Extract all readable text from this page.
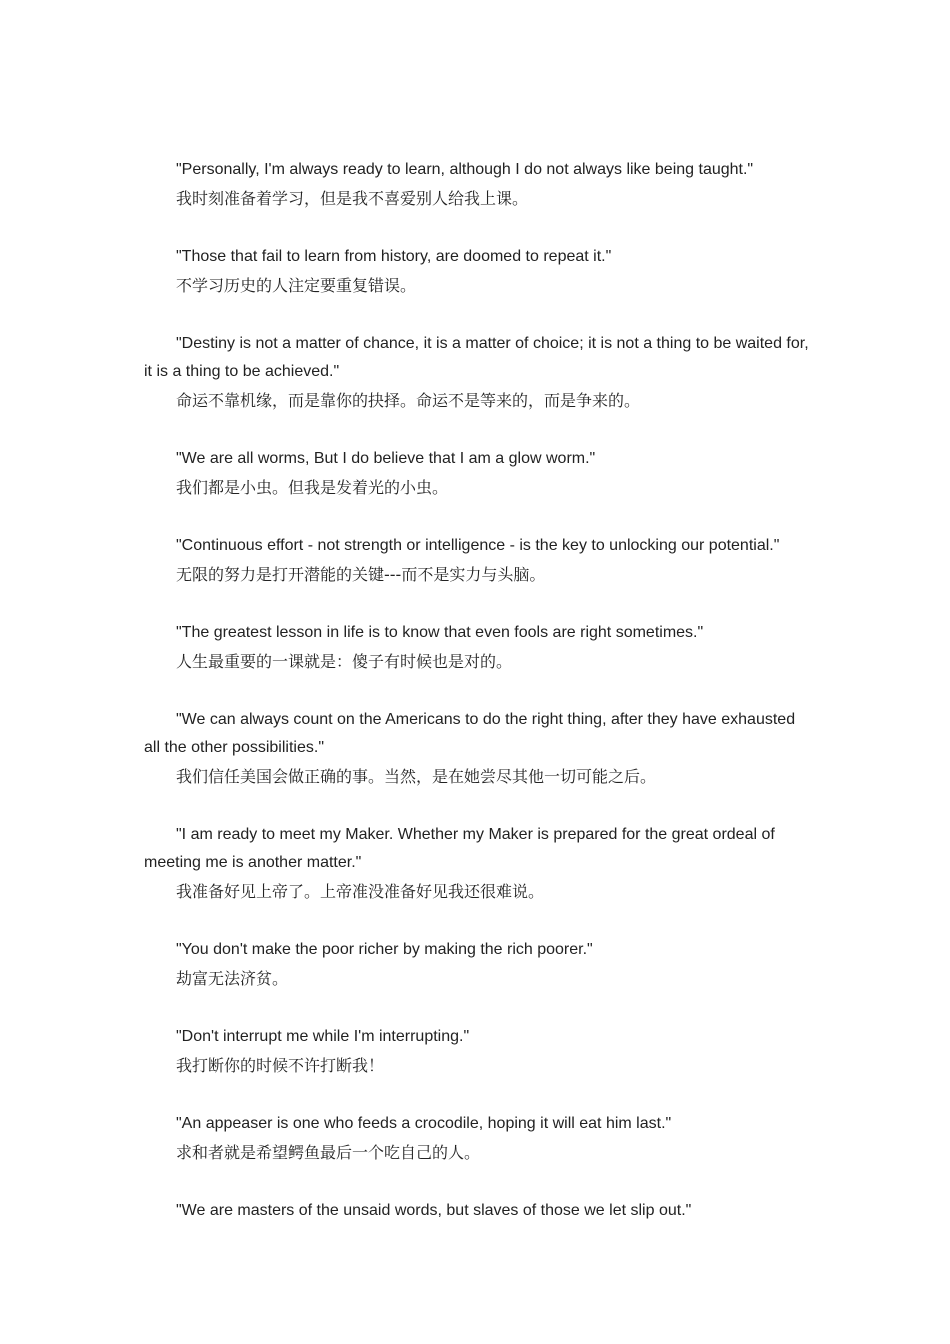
"Personally, I'm always ready to learn, although I do not always like being taught."

我时刻准备着学习，但是我不喜爱别人给我上课。

"Those that fail to learn from history, are doomed to repeat it."

不学习历史的人注定要重复错误。

"Destiny is not a matter of chance, it is a matter of choice; it is not a thing to be waited for, it is a thing to be achieved."

命运不靠机缘，而是靠你的抉择。命运不是等来的，而是争来的。

"We are all worms, But I do believe that I am a glow worm."

我们都是小虫。但我是发着光的小虫。

"Continuous effort - not strength or intelligence - is the key to unlocking our potential."

无限的努力是打开潜能的关键---而不是实力与头脑。

"The greatest lesson in life is to know that even fools are right sometimes."

人生最重要的一课就是：傻子有时候也是对的。

"We can always count on the Americans to do the right thing, after they have exhausted all the other possibilities."

我们信任美国会做正确的事。当然，是在她尝尽其他一切可能之后。

"I am ready to meet my Maker. Whether my Maker is prepared for the great ordeal of meeting me is another matter."

我准备好见上帝了。上帝准没准备好见我还很难说。

"You don't make the poor richer by making the rich poorer."

劫富无法济贫。

"Don't interrupt me while I'm interrupting."

我打断你的时候不许打断我！

"An appeaser is one who feeds a crocodile, hoping it will eat him last."

求和者就是希望鳄鱼最后一个吃自己的人。

"We are masters of the unsaid words, but slaves of those we let slip out."
